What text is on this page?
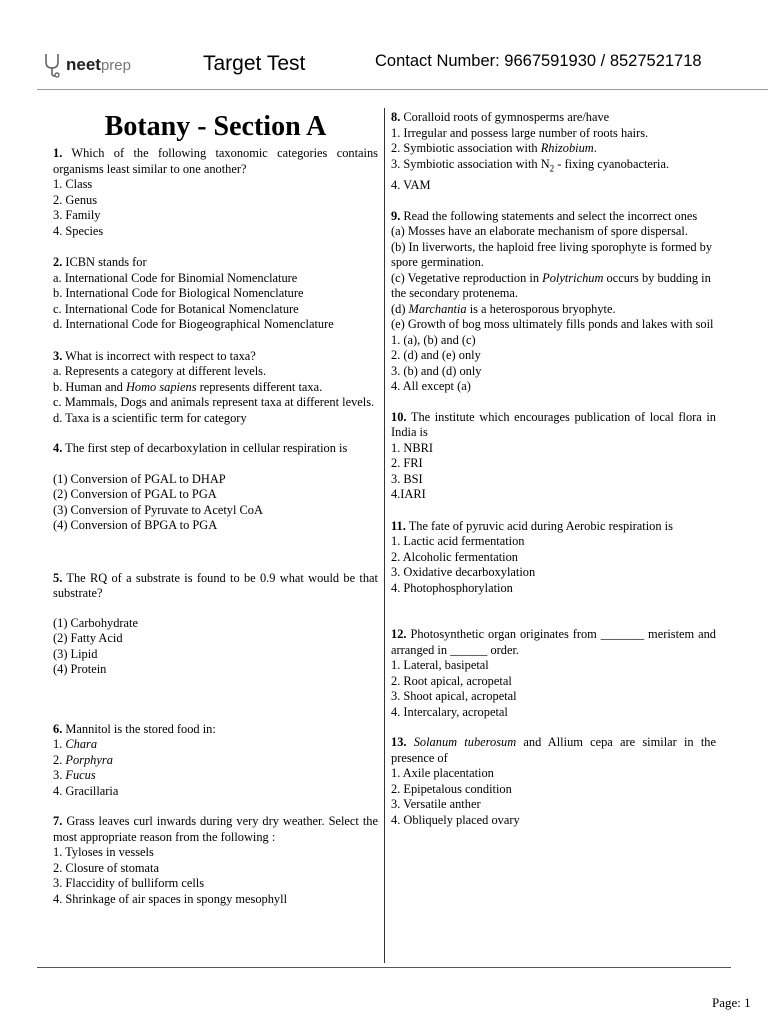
neet prep	Target Test	Contact Number: 9667591930 / 8527521718
Botany - Section A
1. Which of the following taxonomic categories contains organisms least similar to one another?
1. Class
2. Genus
3. Family
4. Species
2. ICBN stands for
a. International Code for Binomial Nomenclature
b. International Code for Biological Nomenclature
c. International Code for Botanical Nomenclature
d. International Code for Biogeographical Nomenclature
3. What is incorrect with respect to taxa?
a. Represents a category at different levels.
b. Human and Homo sapiens represents different taxa.
c. Mammals, Dogs and animals represent taxa at different levels.
d. Taxa is a scientific term for category
4. The first step of decarboxylation in cellular respiration is
(1) Conversion of PGAL to DHAP
(2) Conversion of PGAL to PGA
(3) Conversion of Pyruvate to Acetyl CoA
(4) Conversion of BPGA to PGA
5. The RQ of a substrate is found to be 0.9 what would be that substrate?
(1) Carbohydrate
(2) Fatty Acid
(3) Lipid
(4) Protein
6. Mannitol is the stored food in:
1. Chara
2. Porphyra
3. Fucus
4. Gracillaria
7. Grass leaves curl inwards during very dry weather. Select the most appropriate reason from the following :
1. Tyloses in vessels
2. Closure of stomata
3. Flaccidity of bulliform cells
4. Shrinkage of air spaces in spongy mesophyll
8. Coralloid roots of gymnosperms are/have
1. Irregular and possess large number of roots hairs.
2. Symbiotic association with Rhizobium.
3. Symbiotic association with $N_2$ - fixing cyanobacteria.
4. VAM
9. Read the following statements and select the incorrect ones
(a) Mosses have an elaborate mechanism of spore dispersal.
(b) In liverworts, the haploid free living sporophyte is formed by spore germination.
(c) Vegetative reproduction in Polytrichum occurs by budding in the secondary protenema.
(d) Marchantia is a heterosporous bryophyte.
(e) Growth of bog moss ultimately fills ponds and lakes with soil
1. (a), (b) and (c)
2. (d) and (e) only
3. (b) and (d) only
4. All except (a)
10. The institute which encourages publication of local flora in India is
1. NBRI
2. FRI
3. BSI
4.IARI
11. The fate of pyruvic acid during Aerobic respiration is
1. Lactic acid fermentation
2. Alcoholic fermentation
3. Oxidative decarboxylation
4. Photophosphorylation
12. Photosynthetic organ originates from _______ meristem and arranged in ______ order.
1. Lateral, basipetal
2. Root apical, acropetal
3. Shoot apical, acropetal
4. Intercalary, acropetal
13. Solanum tuberosum and Allium cepa are similar in the presence of
1. Axile placentation
2. Epipetalous condition
3. Versatile anther
4. Obliquely placed ovary
Page: 1
